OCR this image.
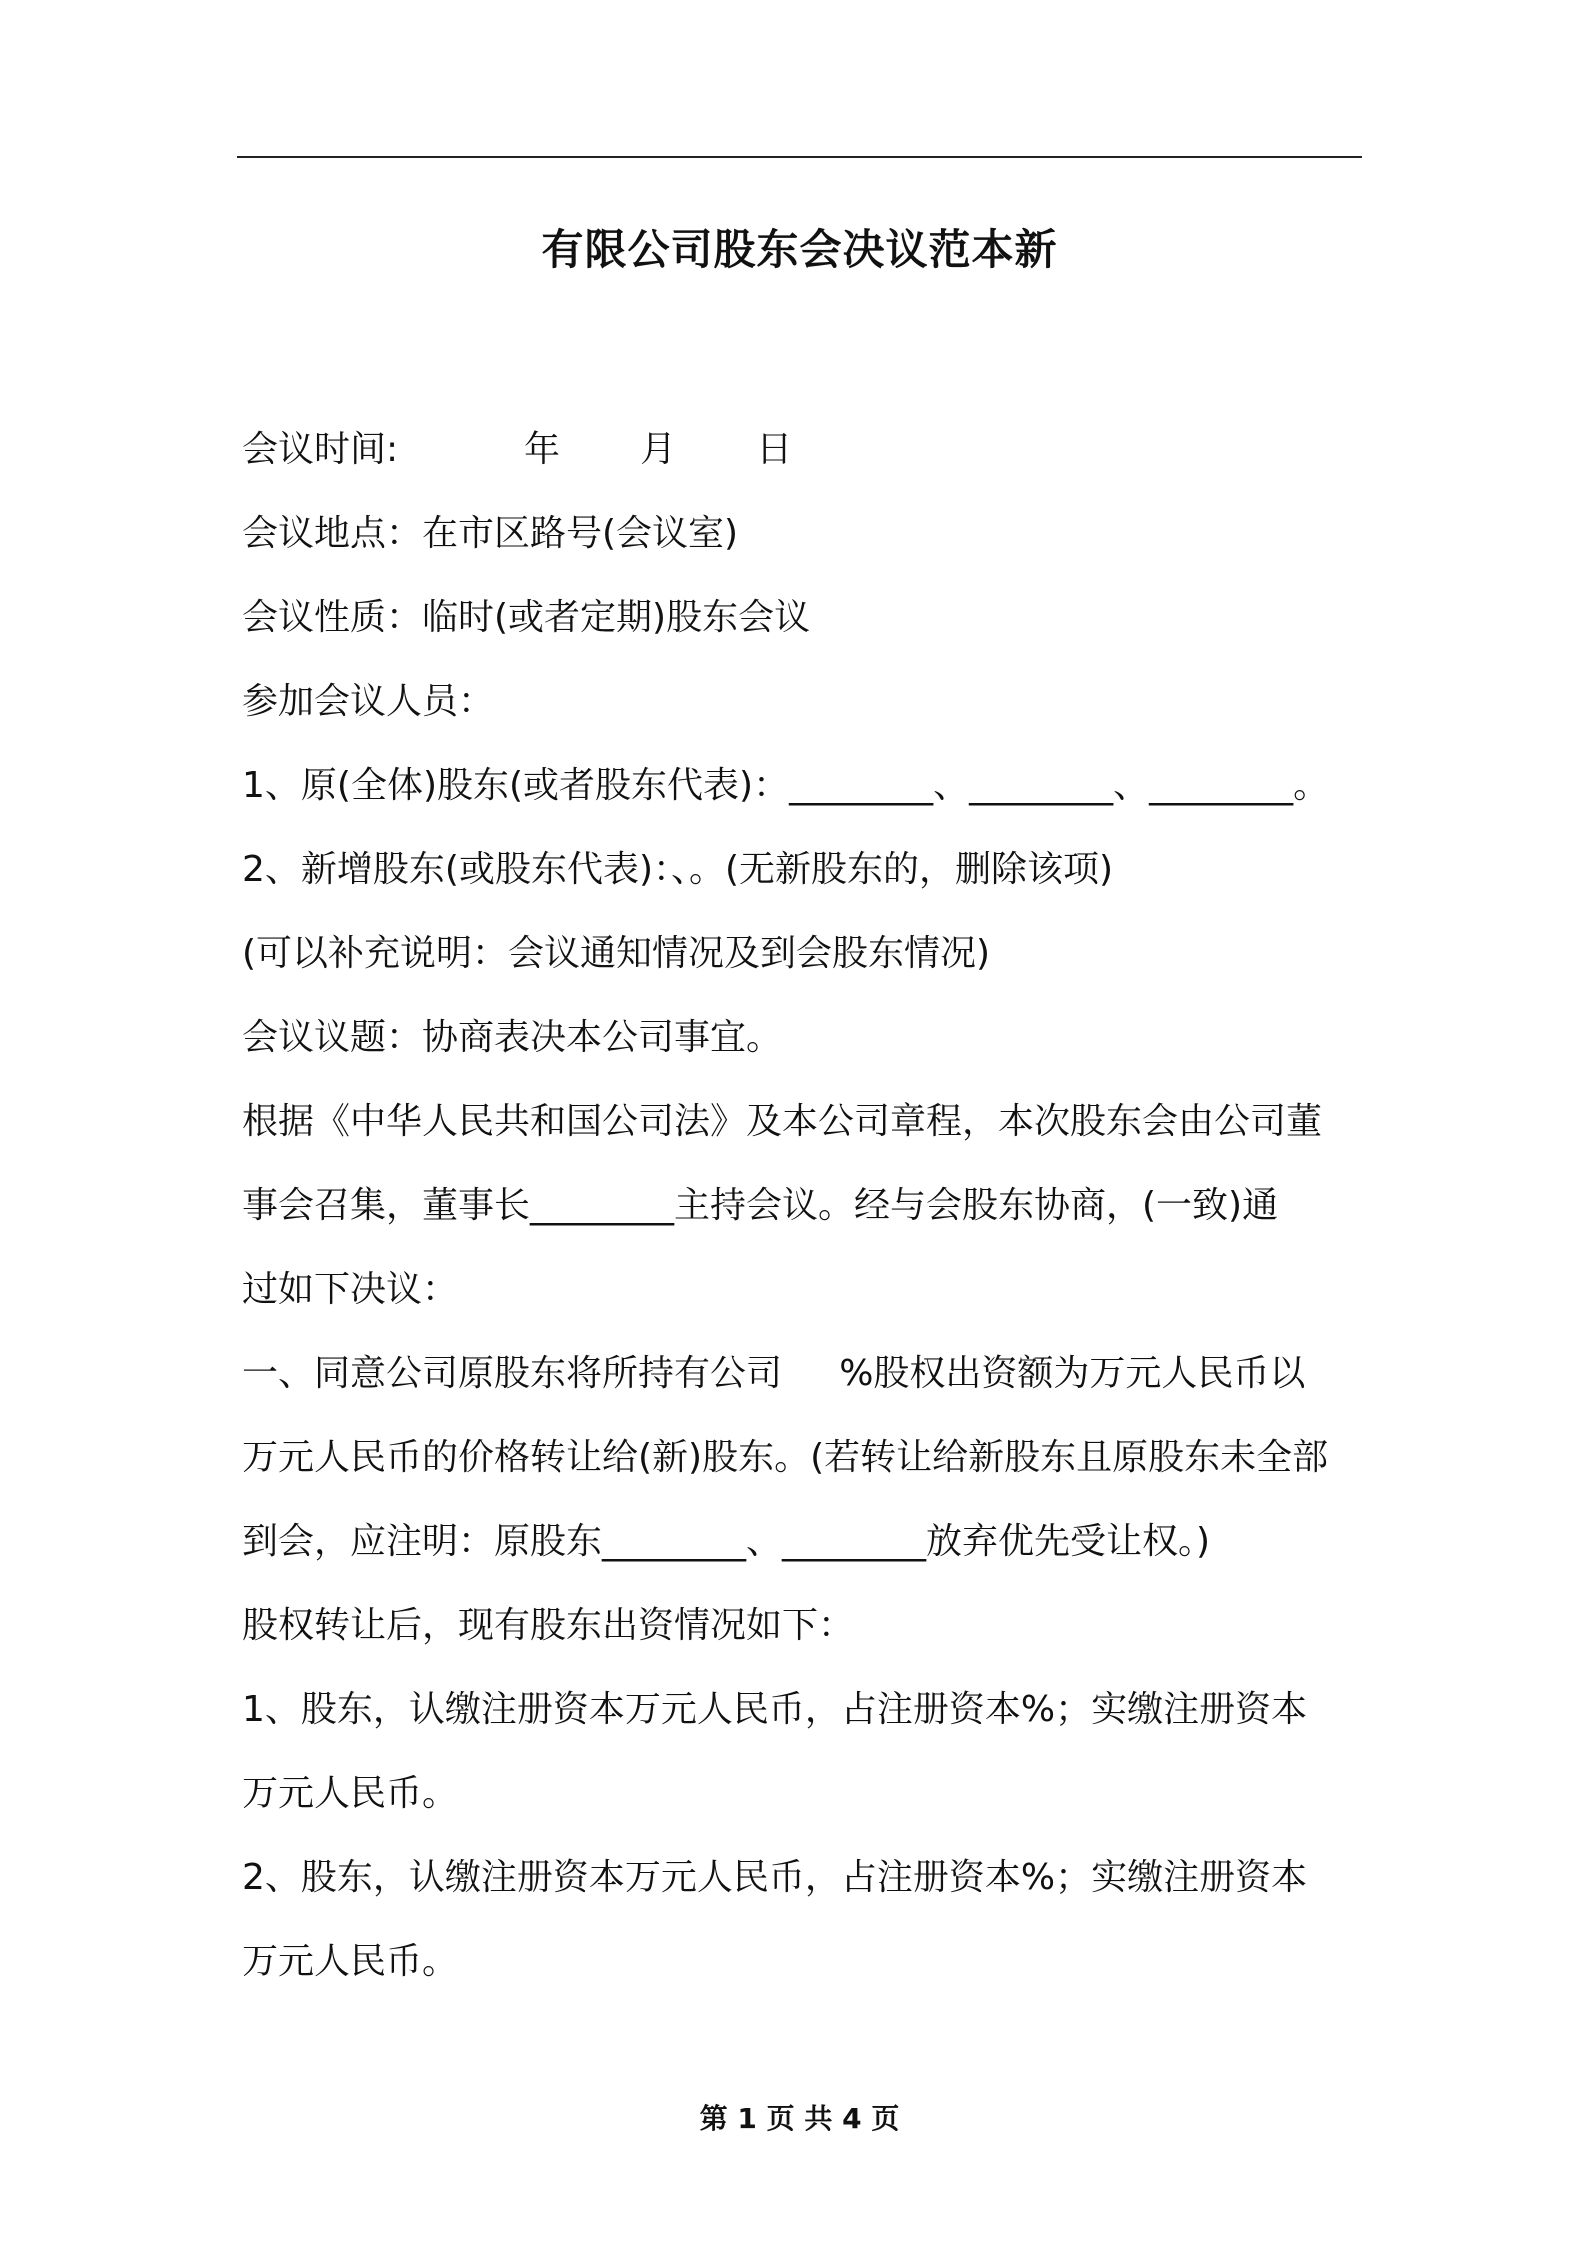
有限公司股东会决议范本新

会议时间:           年       月       日

会议地点：在市区路号(会议室)

会议性质：临时(或者定期)股东会议

参加会议人员：

1、原(全体)股东(或者股东代表)：________、________、________。

2、新增股东(或股东代表)：、。(无新股东的，删除该项)

(可以补充说明：会议通知情况及到会股东情况)

会议议题：协商表决本公司事宜。

根据《中华人民共和国公司法》及本公司章程，本次股东会由公司董

事会召集，董事长________主持会议。经与会股东协商，(一致)通

过如下决议：

一、同意公司原股东将所持有公司     %股权出资额为万元人民币以

万元人民币的价格转让给(新)股东。(若转让给新股东且原股东未全部

到会，应注明：原股东________、________放弃优先受让权。)

股权转让后，现有股东出资情况如下：

1、股东，认缴注册资本万元人民币，占注册资本%；实缴注册资本

万元人民币。

2、股东，认缴注册资本万元人民币，占注册资本%；实缴注册资本

万元人民币。

第 1 页 共 4 页
